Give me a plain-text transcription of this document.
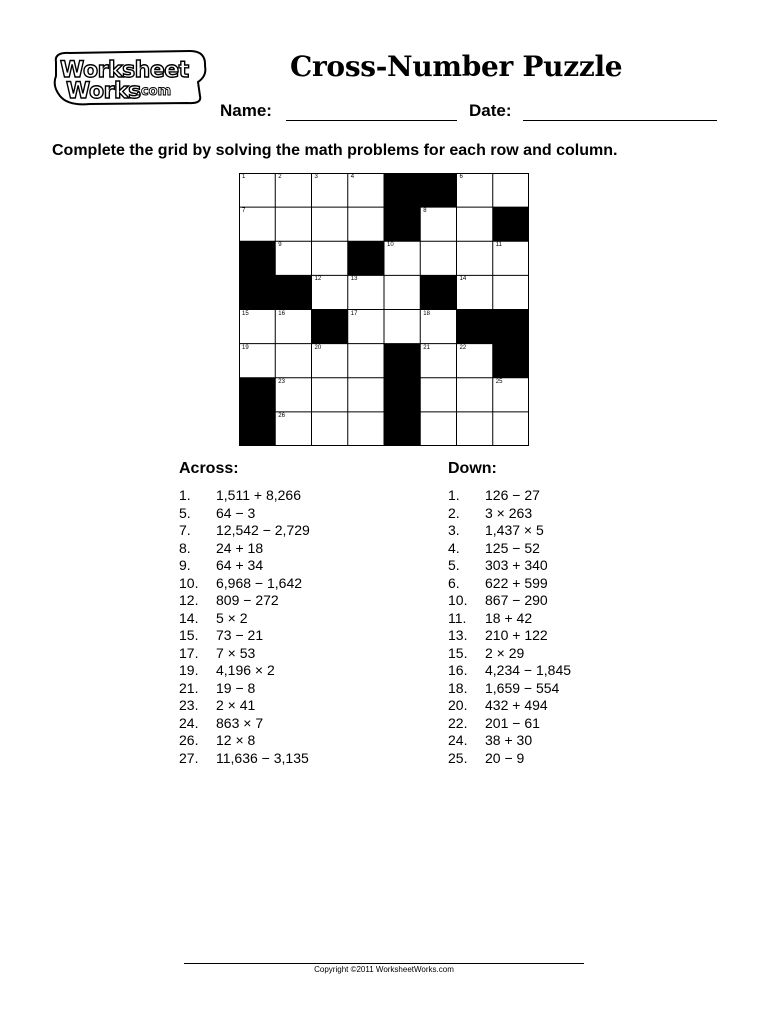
Worksheet
Works
.com
Cross-Number Puzzle
Name:	Date:
Complete the grid by solving the math problems for each row and column.
1	2	3	4	5	6
7	8
9	10	11
12	13	14
15	16	17	18
19	20	21	22
23	24	25
26	27
Across:
1. 1,511 + 8,266
5. 64 − 3
7. 12,542 − 2,729
8. 24 + 18
9. 64 + 34
10. 6,968 − 1,642
12. 809 − 272
14. 5 × 2
15. 73 − 21
17. 7 × 53
19. 4,196 × 2
21. 19 − 8
23. 2 × 41
24. 863 × 7
26. 12 × 8
27. 11,636 − 3,135
Down:
1. 126 − 27
2. 3 × 263
3. 1,437 × 5
4. 125 − 52
5. 303 + 340
6. 622 + 599
10. 867 − 290
11. 18 + 42
13. 210 + 122
15. 2 × 29
16. 4,234 − 1,845
18. 1,659 − 554
20. 432 + 494
22. 201 − 61
24. 38 + 30
25. 20 − 9
Copyright ©2011 WorksheetWorks.com
